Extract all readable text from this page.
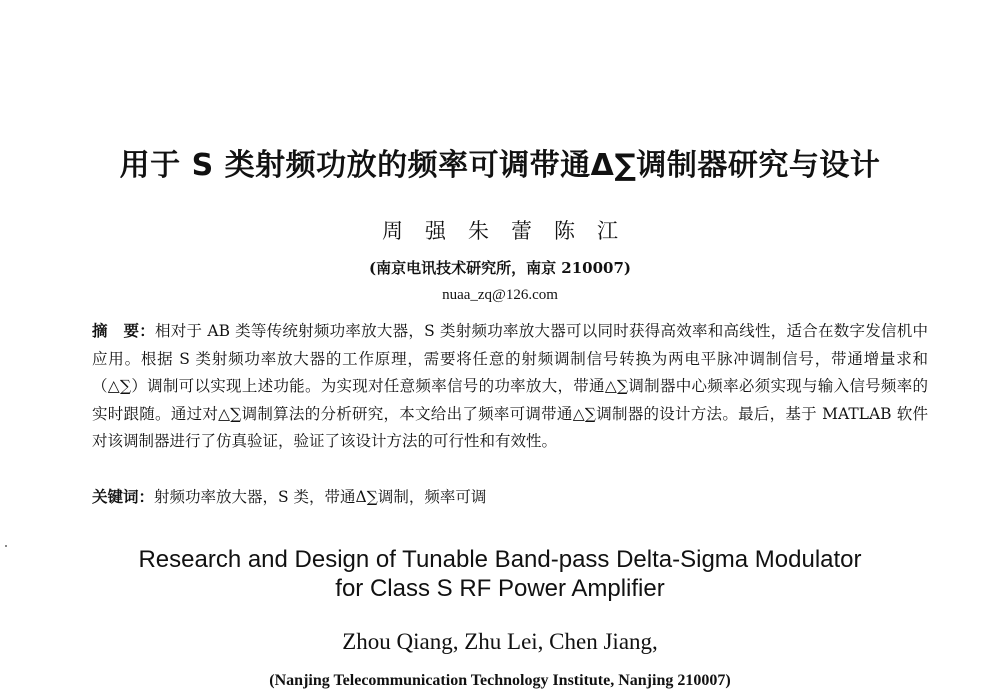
用于 S 类射频功放的频率可调带通Δ∑调制器研究与设计
周强朱蕾陈江
(南京电讯技术研究所，南京 210007)
nuaa_zq@126.com
摘　要：相对于 AB 类等传统射频功率放大器，S 类射频功率放大器可以同时获得高效率和高线性，适合在数字发信机中应用。根据 S 类射频功率放大器的工作原理，需要将任意的射频调制信号转换为两电平脉冲调制信号，带通增量求和（△∑）调制可以实现上述功能。为实现对任意频率信号的功率放大，带通△∑调制器中心频率必须实现与输入信号频率的实时跟随。通过对△∑调制算法的分析研究，本文给出了频率可调带通△∑调制器的设计方法。最后，基于 MATLAB 软件对该调制器进行了仿真验证，验证了该设计方法的可行性和有效性。
关键词：射频功率放大器，S 类，带通Δ∑调制，频率可调
Research and Design of Tunable Band-pass Delta-Sigma Modulator
for Class S RF Power Amplifier
Zhou Qiang, Zhu Lei, Chen Jiang,
(Nanjing Telecommunication Technology Institute, Nanjing 210007)
